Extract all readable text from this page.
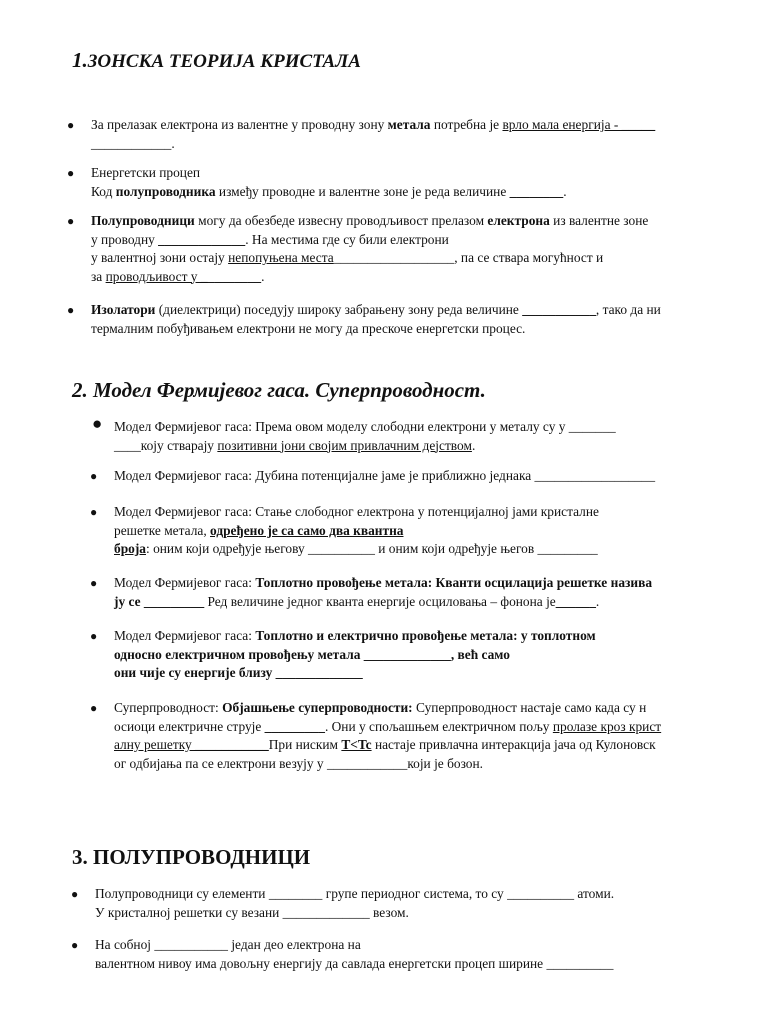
1.ЗОНСКА ТЕОРИЈА КРИСТАЛА
● За прелазак електрона из валентне у проводну зону метала потребна је врло мала енергија - _____
____________.
● Енергетски процеп
Код полупроводника између проводне и валентне зоне је реда величине ________.
● Полупроводници могу да обезбеде извесну проводљивост прелазом електрона из валентне зоне
у проводну _____________. На местима где су били електрони
у валентној зони остају непопуњена места__________________, па се ствара могућност и
за проводљивост у _________.
● Изолатори (диелектрици) поседују широку забрањену зону реда величине ___________, тако да ни
термалним побуђивањем електрони не могу да прескоче енергетски процес.
2. Модел Фермијевог гаса. Суперпроводност.
● Модел Фермијевог гаса: Према овом моделу слободни електрони у металу су у _______
____коју стварају позитивни јони својим привлачним дејством.
● Модел Фермијевог гаса: Дубина потенцијалне јаме је приближно једнака __________________
● Модел Фермијевог гаса: Стање слободног електрона у потенцијалној јами кристалне
решетке метала, одређено је са само два квантна
броја: оним који одређује његову __________ и оним који одређује његов _________
● Модел Фермијевог гаса: Топлотно провођење метала: Кванти осцилација решетке назива
ју се _________ Ред величине једног кванта енергије осциловања – фонона је______.
● Модел Фермијевог гаса: Топлотно и електрично провођење метала: у топлотном
односно електричном провођењу метала _____________, већ само
они чије су енергије близу _____________
● Суперпроводност: Објашњење суперпроводности: Суперпроводност настаје само када су н
осиоци електричне струје _________. Они у спољашњем електричном пољу пролазе кроз крист
алну решетку ___________При ниским T<Tc настаје привлачна интеракција јача од Кулоновск
ог одбијања па се електрони везују у ____________који је бозон.
3. ПОЛУПРОВОДНИЦИ
● Полупроводници су елементи ________ групе периодног система, то су __________ атоми.
У кристалној решетки су везани _____________ везом.
● На собној ___________ један део електрона на
валентном нивоу има довољну енергију да савлада енергетски процеп ширине __________
